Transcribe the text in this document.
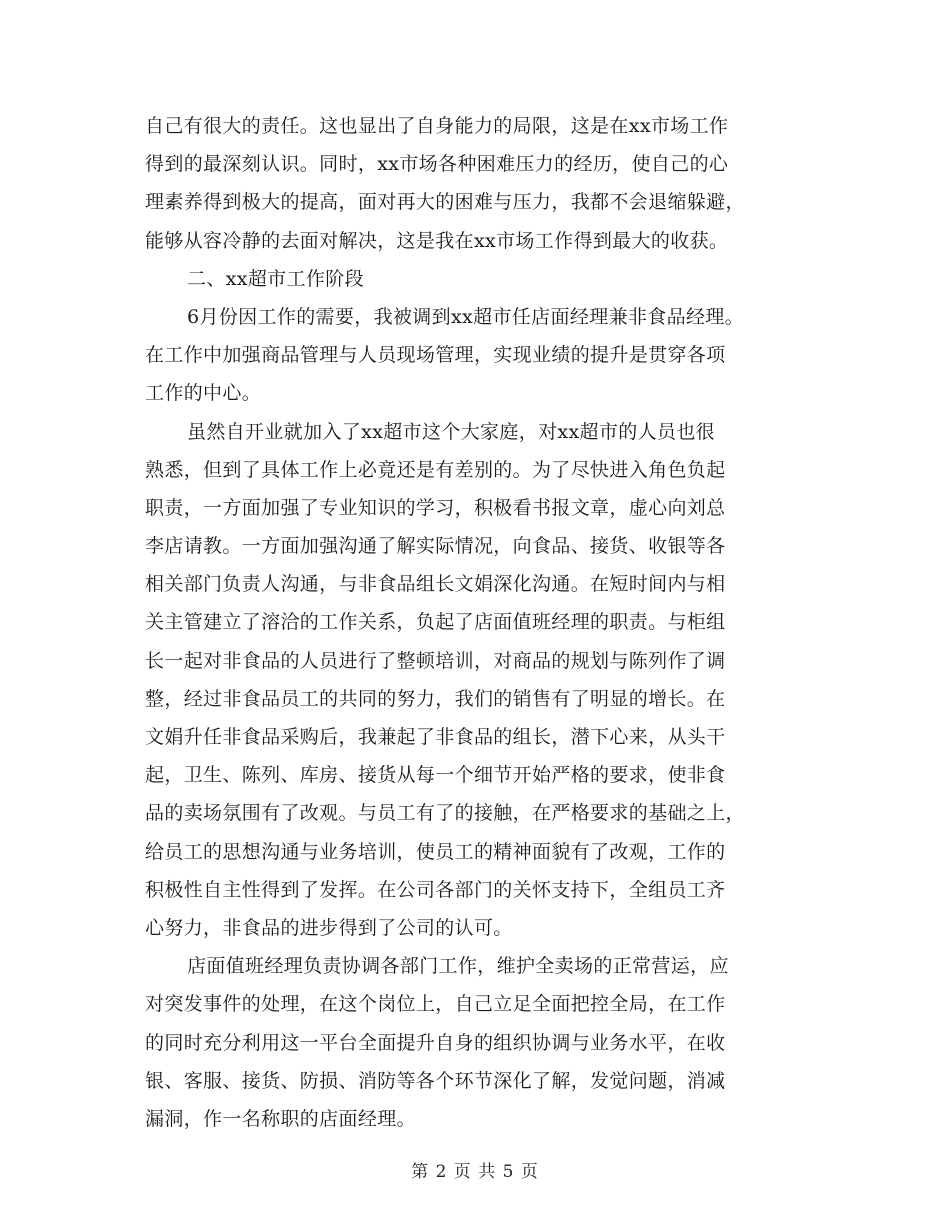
自己有很大的责任。这也显出了自身能力的局限，这是在xx市场工作
得到的最深刻认识。同时，xx市场各种困难压力的经历，使自己的心
理素养得到极大的提高，面对再大的困难与压力，我都不会退缩躲避，
能够从容冷静的去面对解决，这是我在xx市场工作得到最大的收获。
二、xx超市工作阶段
6月份因工作的需要，我被调到xx超市任店面经理兼非食品经理。
在工作中加强商品管理与人员现场管理，实现业绩的提升是贯穿各项
工作的中心。
虽然自开业就加入了xx超市这个大家庭，对xx超市的人员也很
熟悉，但到了具体工作上必竟还是有差别的。为了尽快进入角色负起
职责，一方面加强了专业知识的学习，积极看书报文章，虚心向刘总
李店请教。一方面加强沟通了解实际情况，向食品、接货、收银等各
相关部门负责人沟通，与非食品组长文娟深化沟通。在短时间内与相
关主管建立了溶洽的工作关系，负起了店面值班经理的职责。与柜组
长一起对非食品的人员进行了整顿培训，对商品的规划与陈列作了调
整，经过非食品员工的共同的努力，我们的销售有了明显的增长。在
文娟升任非食品采购后，我兼起了非食品的组长，潜下心来，从头干
起，卫生、陈列、库房、接货从每一个细节开始严格的要求，使非食
品的卖场氛围有了改观。与员工有了的接触，在严格要求的基础之上，
给员工的思想沟通与业务培训，使员工的精神面貌有了改观，工作的
积极性自主性得到了发挥。在公司各部门的关怀支持下，全组员工齐
心努力，非食品的进步得到了公司的认可。
店面值班经理负责协调各部门工作，维护全卖场的正常营运，应
对突发事件的处理，在这个岗位上，自己立足全面把控全局，在工作
的同时充分利用这一平台全面提升自身的组织协调与业务水平，在收
银、客服、接货、防损、消防等各个环节深化了解，发觉问题，消减
漏洞，作一名称职的店面经理。
第 2 页 共 5 页
